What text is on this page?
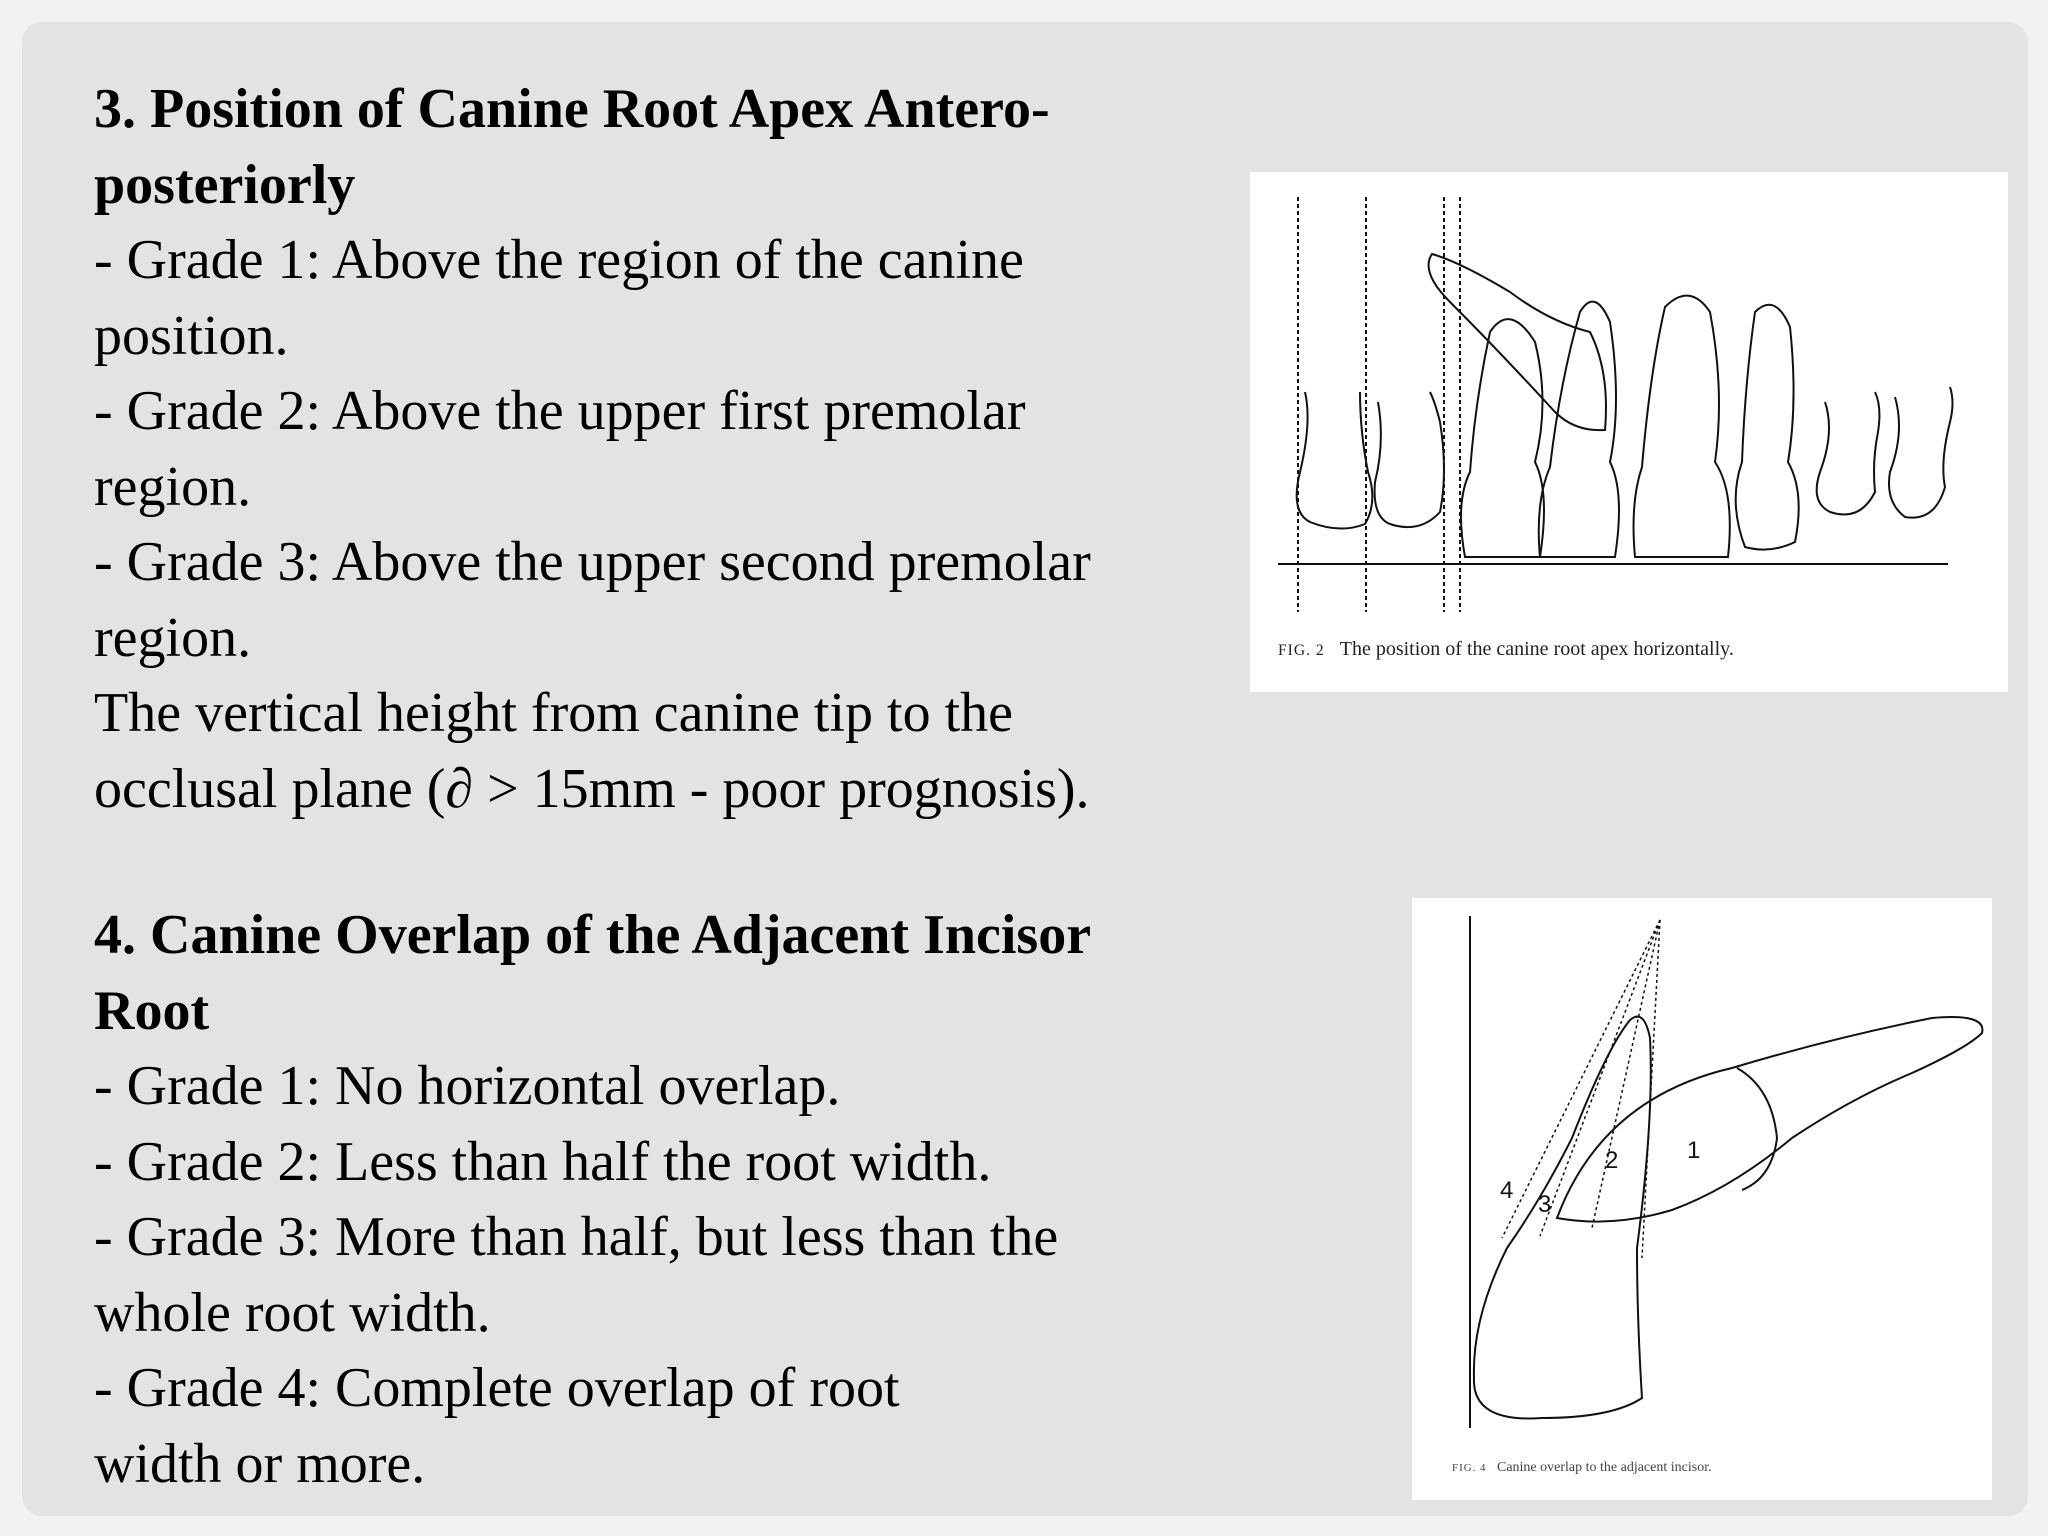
3. Position of Canine Root Apex Antero-
posteriorly
- Grade 1: Above the region of the canine
position.
- Grade 2: Above the upper first premolar
region.
- Grade 3: Above the upper second premolar
region.
The vertical height from canine tip to the
occlusal plane (∂ > 15mm - poor prognosis).
4. Canine Overlap of the Adjacent Incisor
Root
- Grade 1: No horizontal overlap.
- Grade 2: Less than half the root width.
- Grade 3: More than half, but less than the
whole root width.
- Grade 4: Complete overlap of root
width or more.
FIG. 2 The position of the canine root apex horizontally.
1
2
3
4
FIG. 4 Canine overlap to the adjacent incisor.
